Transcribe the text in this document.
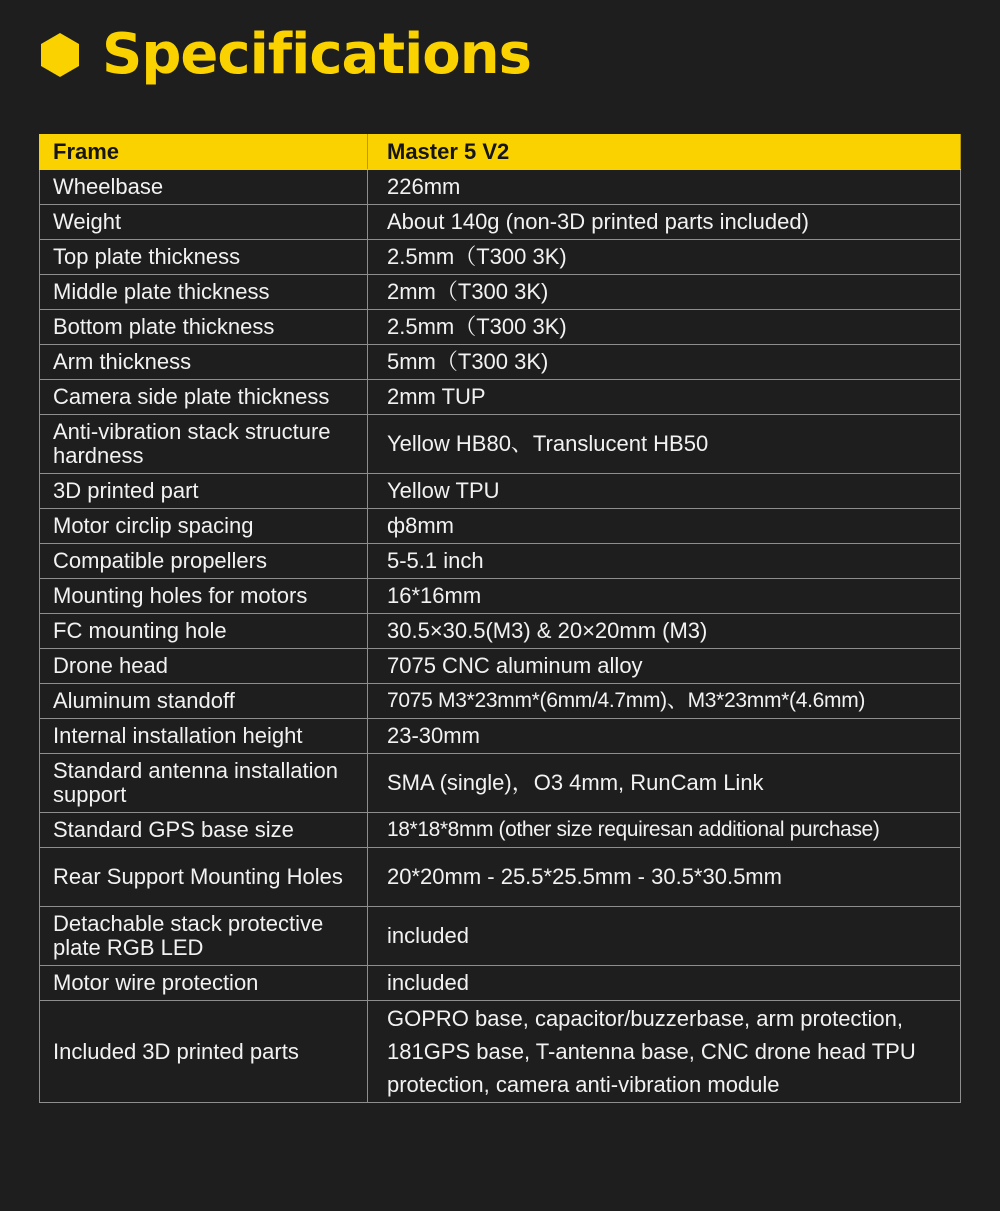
Specifications
Frame	Master 5 V2
Wheelbase	226mm
Weight	About 140g (non-3D printed parts included)
Top plate thickness	2.5mm（T300 3K)
Middle plate thickness	2mm（T300 3K)
Bottom plate thickness	2.5mm（T300 3K)
Arm thickness	5mm（T300 3K)
Camera side plate thickness	2mm TUP
Anti-vibration stack structure hardness	Yellow HB80、Translucent HB50
3D printed part	Yellow TPU
Motor circlip spacing	ф8mm
Compatible propellers	5-5.1 inch
Mounting holes for motors	16*16mm
FC mounting hole	30.5×30.5(M3) & 20×20mm (M3)
Drone head	7075 CNC aluminum alloy
Aluminum standoff	7075 M3*23mm*(6mm/4.7mm)、M3*23mm*(4.6mm)
Internal installation height	23-30mm
Standard antenna installation support	SMA (single)，O3 4mm, RunCam Link
Standard GPS base size	18*18*8mm (other size requiresan additional purchase)
Rear Support Mounting Holes	20*20mm - 25.5*25.5mm - 30.5*30.5mm
Detachable stack protective plate RGB LED	included
Motor wire protection	included
Included 3D printed parts	GOPRO base, capacitor/buzzerbase, arm protection, 181GPS base, T-antenna base, CNC drone head TPU protection, camera anti-vibration module
